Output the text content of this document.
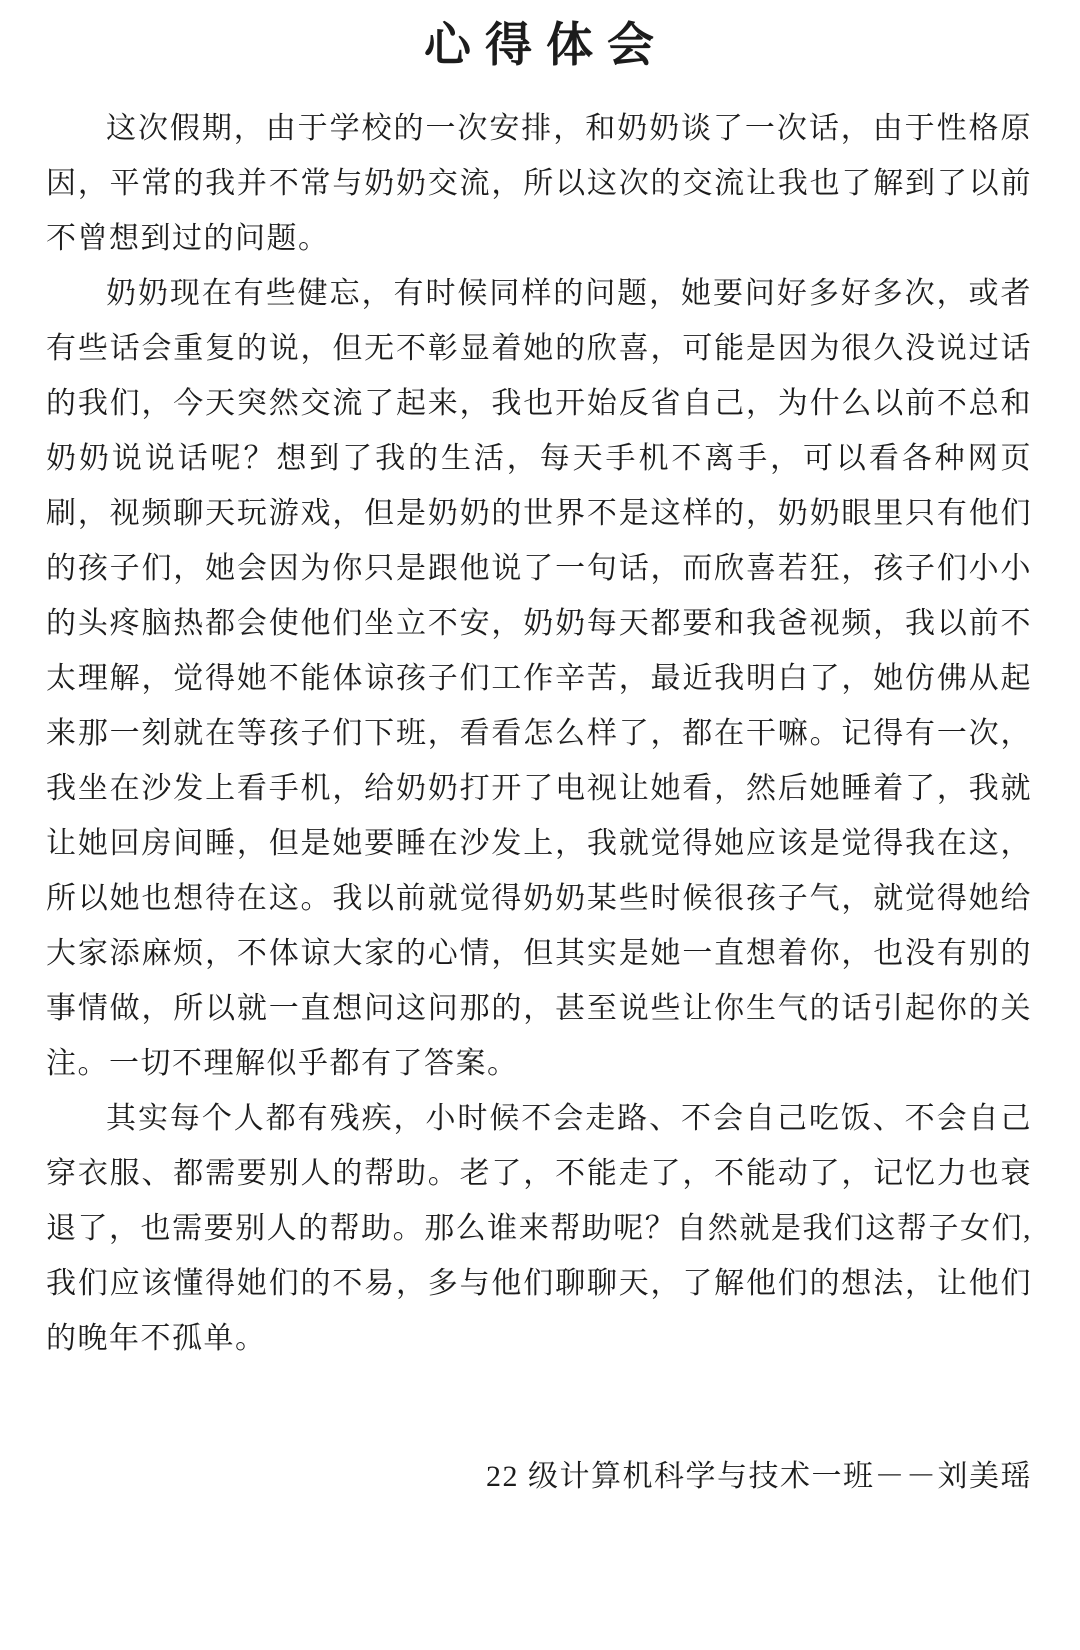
心得体会

这次假期，由于学校的一次安排，和奶奶谈了一次话，由于性格原因，平常的我并不常与奶奶交流，所以这次的交流让我也了解到了以前不曾想到过的问题。

奶奶现在有些健忘，有时候同样的问题，她要问好多好多次，或者有些话会重复的说，但无不彰显着她的欣喜，可能是因为很久没说过话的我们，今天突然交流了起来，我也开始反省自己，为什么以前不总和奶奶说说话呢？想到了我的生活，每天手机不离手，可以看各种网页刷，视频聊天玩游戏，但是奶奶的世界不是这样的，奶奶眼里只有他们的孩子们，她会因为你只是跟他说了一句话，而欣喜若狂，孩子们小小的头疼脑热都会使他们坐立不安，奶奶每天都要和我爸视频，我以前不太理解，觉得她不能体谅孩子们工作辛苦，最近我明白了，她仿佛从起来那一刻就在等孩子们下班，看看怎么样了，都在干嘛。记得有一次，我坐在沙发上看手机，给奶奶打开了电视让她看，然后她睡着了，我就让她回房间睡，但是她要睡在沙发上，我就觉得她应该是觉得我在这，所以她也想待在这。我以前就觉得奶奶某些时候很孩子气，就觉得她给大家添麻烦，不体谅大家的心情，但其实是她一直想着你，也没有别的事情做，所以就一直想问这问那的，甚至说些让你生气的话引起你的关注。一切不理解似乎都有了答案。

其实每个人都有残疾，小时候不会走路、不会自己吃饭、不会自己穿衣服、都需要别人的帮助。老了，不能走了，不能动了，记忆力也衰退了，也需要别人的帮助。那么谁来帮助呢？自然就是我们这帮子女们,我们应该懂得她们的不易，多与他们聊聊天，了解他们的想法，让他们的晚年不孤单。

22 级计算机科学与技术一班－－刘美瑶
